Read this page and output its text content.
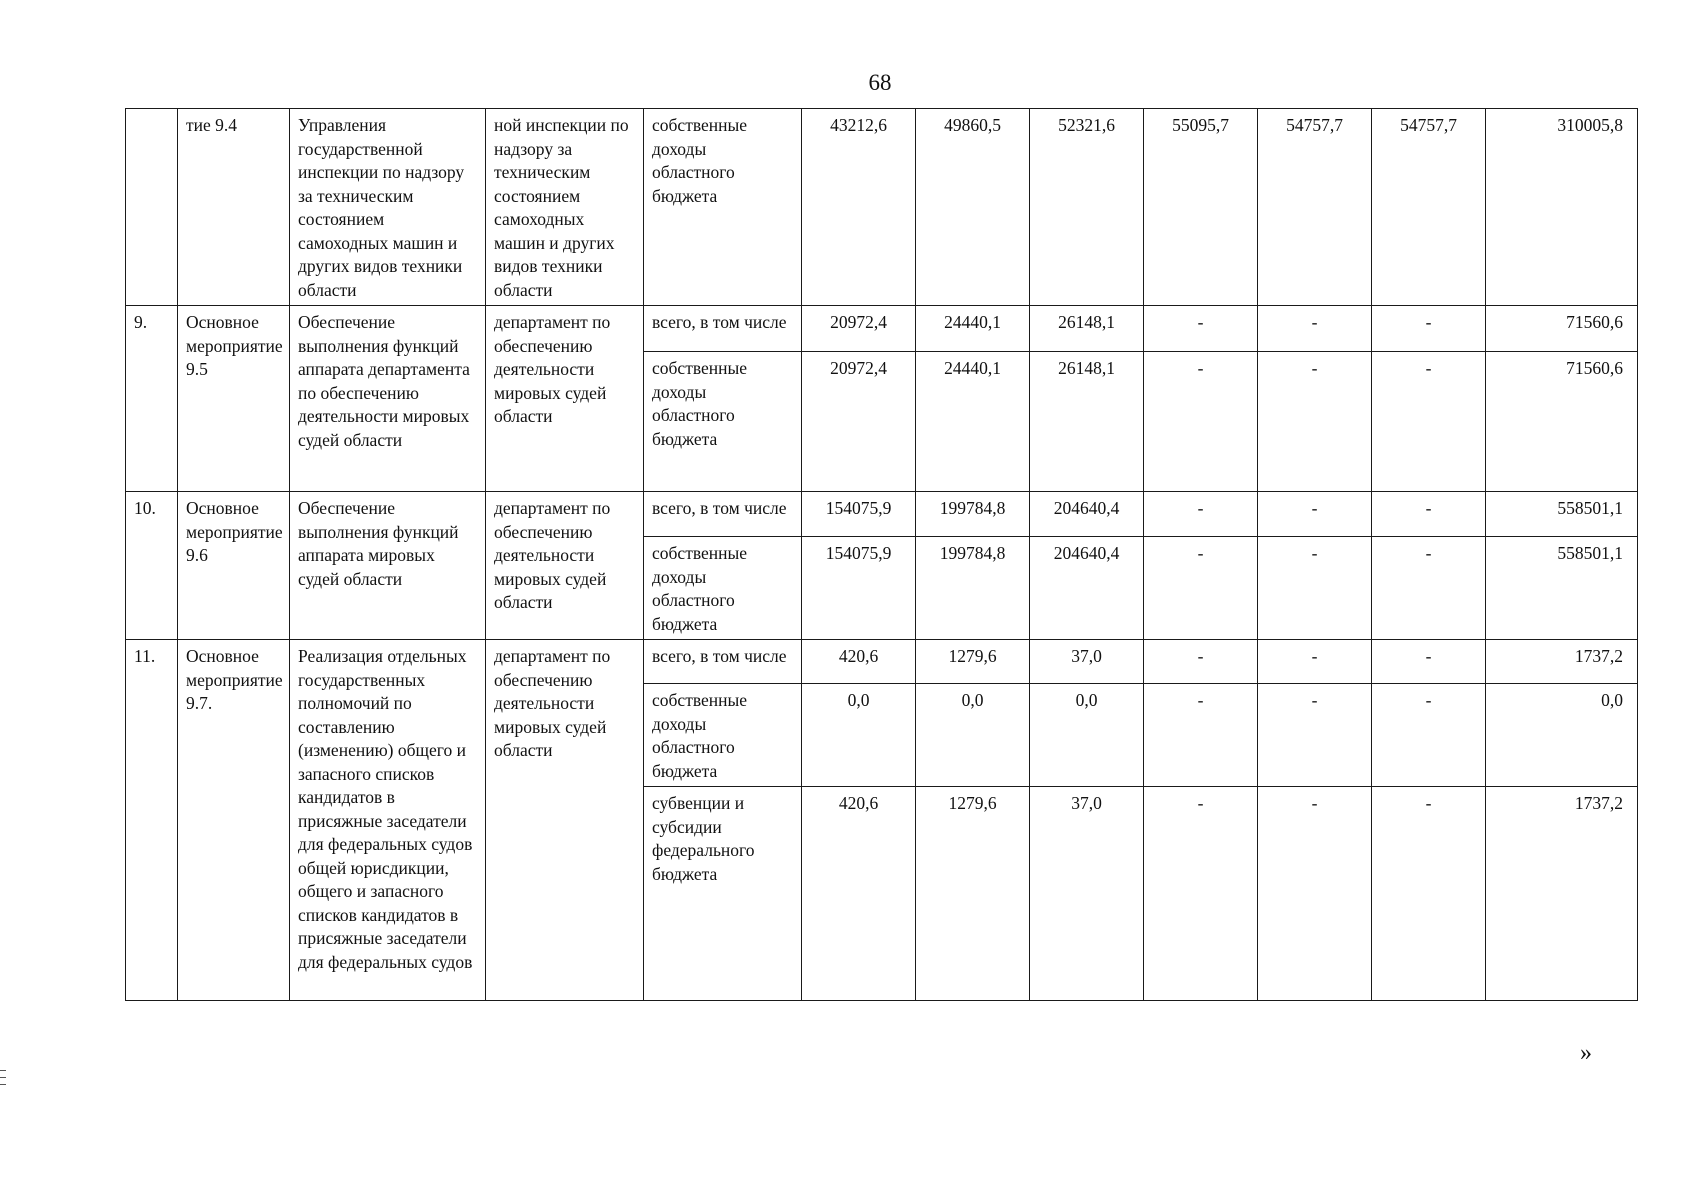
68
	тие 9.4	Управления государственной инспекции по надзору за техническим состоянием самоходных машин и других видов техники области	ной инспекции по надзору за техническим состоянием самоходных машин и других видов техники области	собственные доходы областного бюджета	43212,6	49860,5	52321,6	55095,7	54757,7	54757,7	310005,8
9.	Основное мероприятие 9.5	Обеспечение выполнения функций аппарата департамента по обеспечению деятельности мировых судей области	департамент по обеспечению деятельности мировых судей области	всего, в том числе	20972,4	24440,1	26148,1	-	-	-	71560,6
				собственные доходы областного бюджета	20972,4	24440,1	26148,1	-	-	-	71560,6
10.	Основное мероприятие 9.6	Обеспечение выполнения функций аппарата мировых судей области	департамент по обеспечению деятельности мировых судей области	всего, в том числе	154075,9	199784,8	204640,4	-	-	-	558501,1
				собственные доходы областного бюджета	154075,9	199784,8	204640,4	-	-	-	558501,1
11.	Основное мероприятие 9.7.	Реализация отдельных государственных полномочий по составлению (изменению) общего и запасного списков кандидатов в присяжные заседатели для федеральных судов общей юрисдикции, общего и запасного списков кандидатов в присяжные заседатели для федеральных судов	департамент по обеспечению деятельности мировых судей области	всего, в том числе	420,6	1279,6	37,0	-	-	-	1737,2
				собственные доходы областного бюджета	0,0	0,0	0,0	-	-	-	0,0
				субвенции и субсидии федерального бюджета	420,6	1279,6	37,0	-	-	-	1737,2
»
